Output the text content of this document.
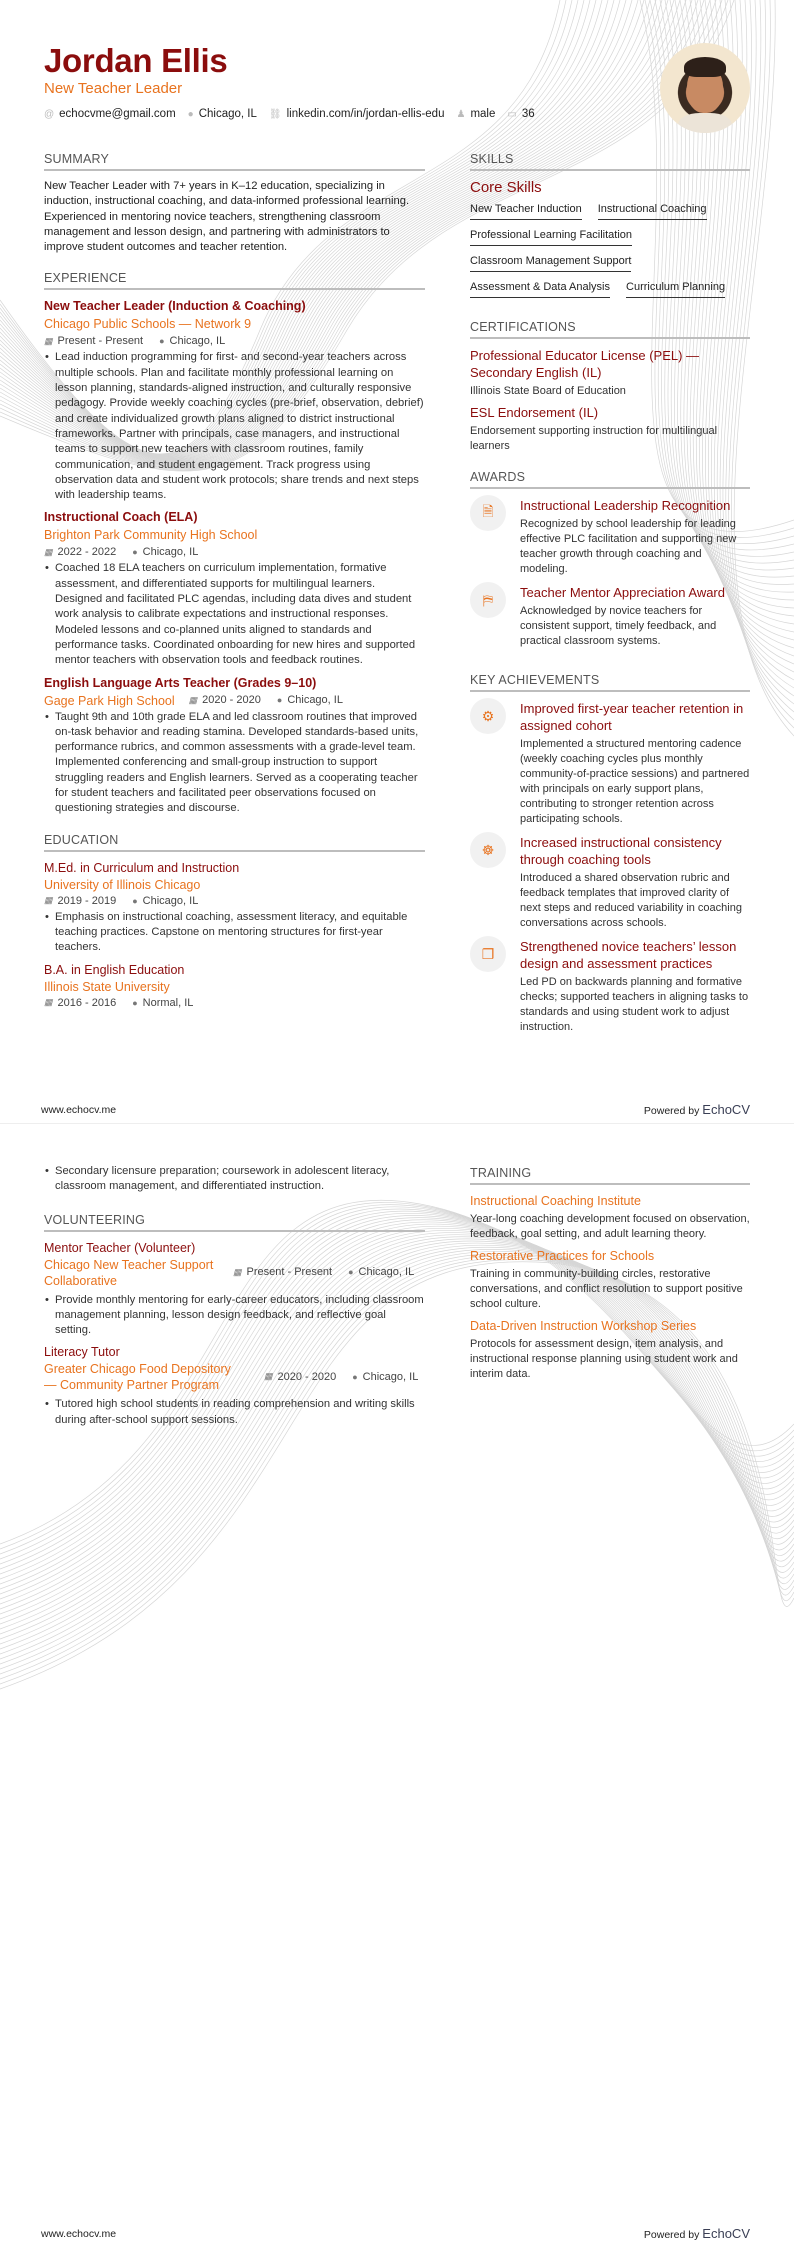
Jordan Ellis
New Teacher Leader
@ echocvme@gmail.com ● Chicago, IL ⛓ linkedin.com/in/jordan-ellis-edu ♟ male ▭ 36
SUMMARY
New Teacher Leader with 7+ years in K–12 education, specializing in induction, instructional coaching, and data-informed professional learning. Experienced in mentoring novice teachers, strengthening classroom management and lesson design, and partnering with administrators to improve student outcomes and teacher retention.
EXPERIENCE
New Teacher Leader (Induction & Coaching)
Chicago Public Schools — Network 9
▦ Present - Present ● Chicago, IL
• Lead induction programming for first- and second-year teachers across multiple schools. Plan and facilitate monthly professional learning on lesson planning, standards-aligned instruction, and culturally responsive pedagogy. Provide weekly coaching cycles (pre-brief, observation, debrief) and create individualized growth plans aligned to district instructional frameworks. Partner with principals, case managers, and instructional teams to support new teachers with classroom routines, family communication, and student engagement. Track progress using observation data and student work protocols; share trends and next steps with leadership teams.
Instructional Coach (ELA)
Brighton Park Community High School
▦ 2022 - 2022 ● Chicago, IL
• Coached 18 ELA teachers on curriculum implementation, formative assessment, and differentiated supports for multilingual learners. Designed and facilitated PLC agendas, including data dives and student work analysis to calibrate expectations and instructional responses. Modeled lessons and co-planned units aligned to standards and performance tasks. Coordinated onboarding for new hires and supported mentor teachers with observation tools and feedback routines.
English Language Arts Teacher (Grades 9–10)
Gage Park High School ▦ 2020 - 2020 ● Chicago, IL
• Taught 9th and 10th grade ELA and led classroom routines that improved on-task behavior and reading stamina. Developed standards-based units, performance rubrics, and common assessments with a grade-level team. Implemented conferencing and small-group instruction to support struggling readers and English learners. Served as a cooperating teacher for student teachers and facilitated peer observations focused on questioning strategies and discourse.
EDUCATION
M.Ed. in Curriculum and Instruction
University of Illinois Chicago
▦ 2019 - 2019 ● Chicago, IL
• Emphasis on instructional coaching, assessment literacy, and equitable teaching practices. Capstone on mentoring structures for first-year teachers.
B.A. in English Education
Illinois State University
▦ 2016 - 2016 ● Normal, IL
SKILLS
Core Skills
New Teacher Induction Instructional Coaching
Professional Learning Facilitation
Classroom Management Support
Assessment & Data Analysis Curriculum Planning
CERTIFICATIONS
Professional Educator License (PEL) — Secondary English (IL)
Illinois State Board of Education
ESL Endorsement (IL)
Endorsement supporting instruction for multilingual learners
AWARDS
🗎	Instructional Leadership Recognition
Recognized by school leadership for leading effective PLC facilitation and supporting new teacher growth through coaching and modeling.
⛿	Teacher Mentor Appreciation Award
Acknowledged by novice teachers for consistent support, timely feedback, and practical classroom systems.
KEY ACHIEVEMENTS
⚙	Improved first-year teacher retention in assigned cohort
Implemented a structured mentoring cadence (weekly coaching cycles plus monthly community-of-practice sessions) and partnered with principals on early support plans, contributing to stronger retention across participating schools.
☸	Increased instructional consistency through coaching tools
Introduced a shared observation rubric and feedback templates that improved clarity of next steps and reduced variability in coaching conversations across schools.
❐	Strengthened novice teachers’ lesson design and assessment practices
Led PD on backwards planning and formative checks; supported teachers in aligning tasks to standards and using student work to adjust instruction.
www.echocv.me	Powered by EchoCV
• Secondary licensure preparation; coursework in adolescent literacy, classroom management, and differentiated instruction.
VOLUNTEERING
Mentor Teacher (Volunteer)
Chicago New Teacher Support Collaborative
▦ Present - Present ● Chicago, IL
• Provide monthly mentoring for early-career educators, including classroom management planning, lesson design feedback, and reflective goal setting.
Literacy Tutor
Greater Chicago Food Depository — Community Partner Program
▦ 2020 - 2020 ● Chicago, IL
• Tutored high school students in reading comprehension and writing skills during after-school support sessions.
TRAINING
Instructional Coaching Institute
Year-long coaching development focused on observation, feedback, goal setting, and adult learning theory.
Restorative Practices for Schools
Training in community-building circles, restorative conversations, and conflict resolution to support positive school culture.
Data-Driven Instruction Workshop Series
Protocols for assessment design, item analysis, and instructional response planning using student work and interim data.
www.echocv.me	Powered by EchoCV
